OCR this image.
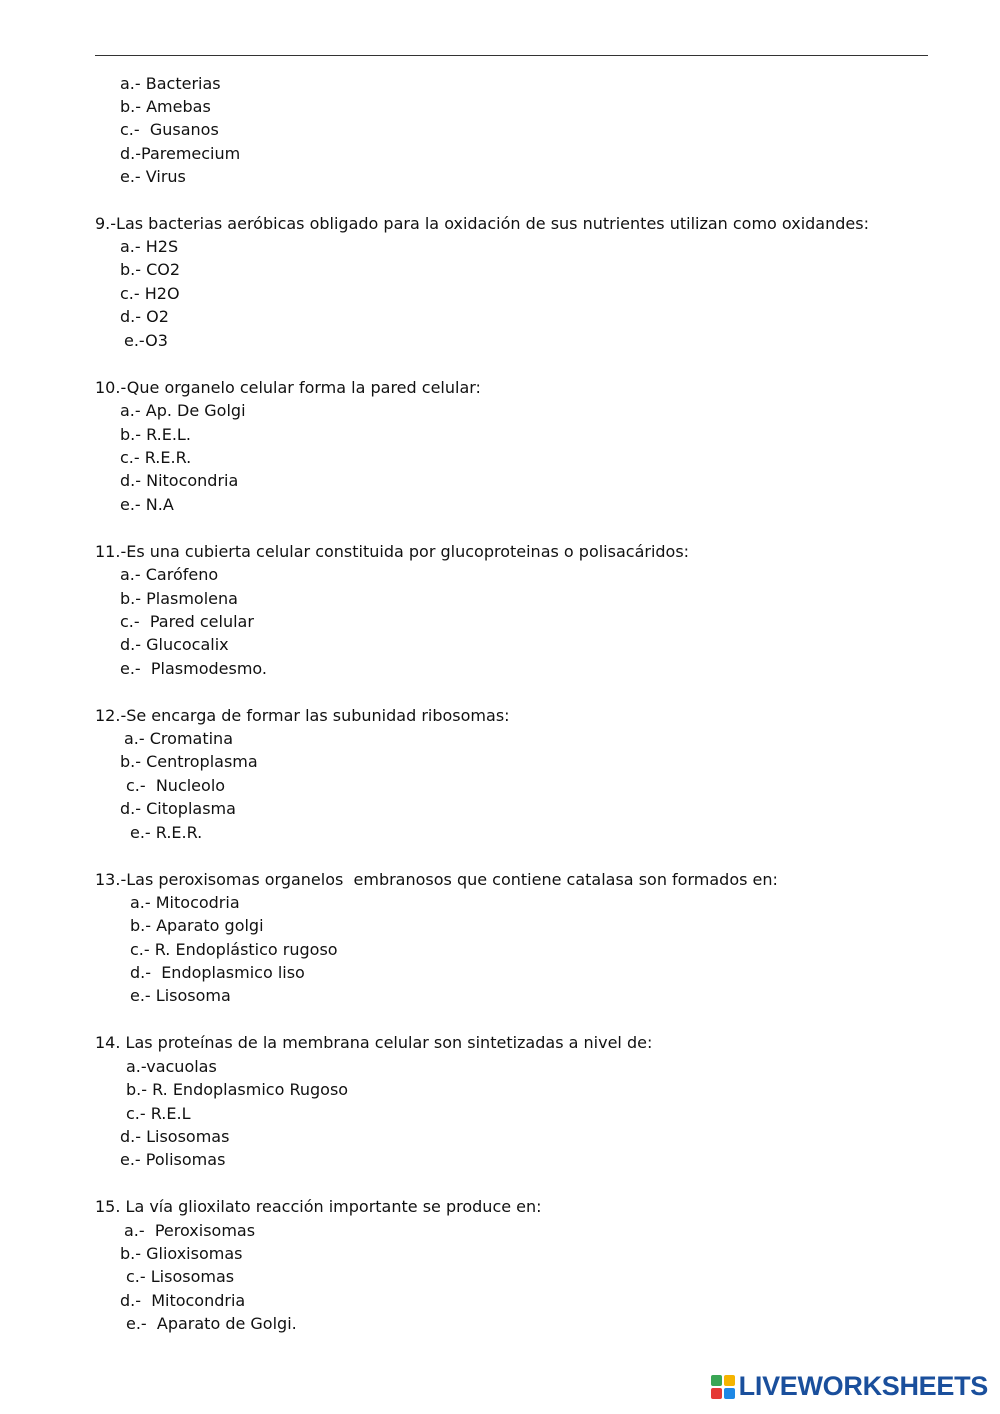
a.- Bacterias
b.- Amebas
c.-  Gusanos
d.-Paremecium
e.- Virus
9.-Las bacterias aeróbicas obligado para la oxidación de sus nutrientes utilizan como oxidandes:
a.- H2S
b.- CO2
c.- H2O
d.- O2
e.-O3
10.-Que organelo celular forma la pared celular:
a.- Ap. De Golgi
b.- R.E.L.
c.- R.E.R.
d.- Nitocondria
e.- N.A
11.-Es una cubierta celular constituida por glucoproteinas o polisacáridos:
a.- Carófeno
b.- Plasmolena
c.-  Pared celular
d.- Glucocalix
e.-  Plasmodesmo.
12.-Se encarga de formar las subunidad ribosomas:
a.- Cromatina
b.- Centroplasma
c.-  Nucleolo
d.- Citoplasma
e.- R.E.R.
13.-Las peroxisomas organelos  embranosos que contiene catalasa son formados en:
a.- Mitocodria
b.- Aparato golgi
c.- R. Endoplástico rugoso
d.-  Endoplasmico liso
e.- Lisosoma
14. Las proteínas de la membrana celular son sintetizadas a nivel de:
a.-vacuolas
b.- R. Endoplasmico Rugoso
c.- R.E.L
d.- Lisosomas
e.- Polisomas
15. La vía glioxilato reacción importante se produce en:
a.-  Peroxisomas
b.- Glioxisomas
c.- Lisosomas
d.-  Mitocondria
e.-  Aparato de Golgi.
LIVEWORKSHEETS
